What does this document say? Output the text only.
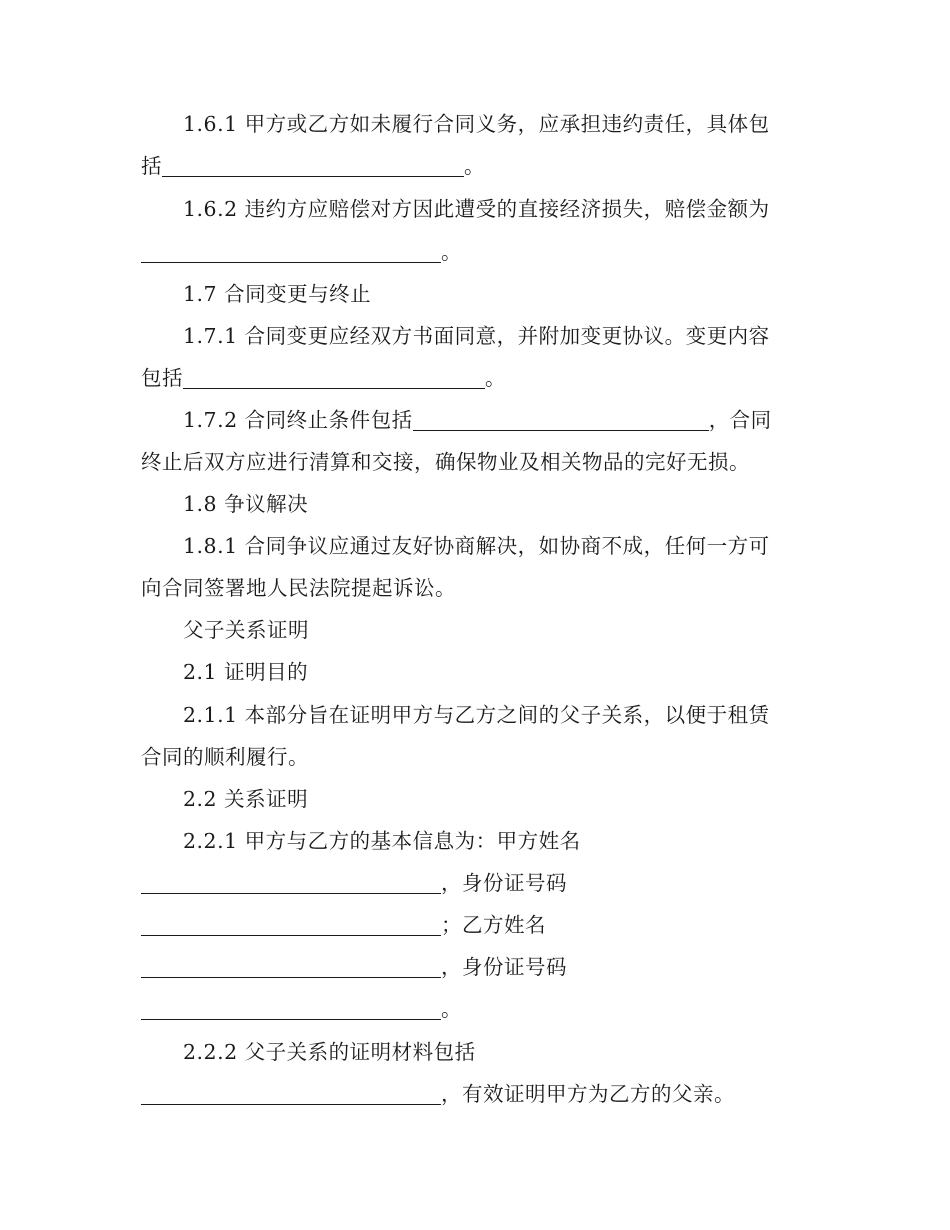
1.6.1 甲方或乙方如未履行合同义务，应承担违约责任，具体包
括	。
1.6.2 违约方应赔偿对方因此遭受的直接经济损失，赔偿金额为
。
1.7 合同变更与终止
1.7.1 合同变更应经双方书面同意，并附加变更协议。变更内容
包括	。
1.7.2 合同终止条件包括	，合同
终止后双方应进行清算和交接，确保物业及相关物品的完好无损。
1.8 争议解决
1.8.1 合同争议应通过友好协商解决，如协商不成，任何一方可
向合同签署地人民法院提起诉讼。
父子关系证明
2.1 证明目的
2.1.1 本部分旨在证明甲方与乙方之间的父子关系，以便于租赁
合同的顺利履行。
2.2 关系证明
2.2.1 甲方与乙方的基本信息为：甲方姓名
，身份证号码
；乙方姓名
，身份证号码
。
2.2.2 父子关系的证明材料包括
，有效证明甲方为乙方的父亲。
